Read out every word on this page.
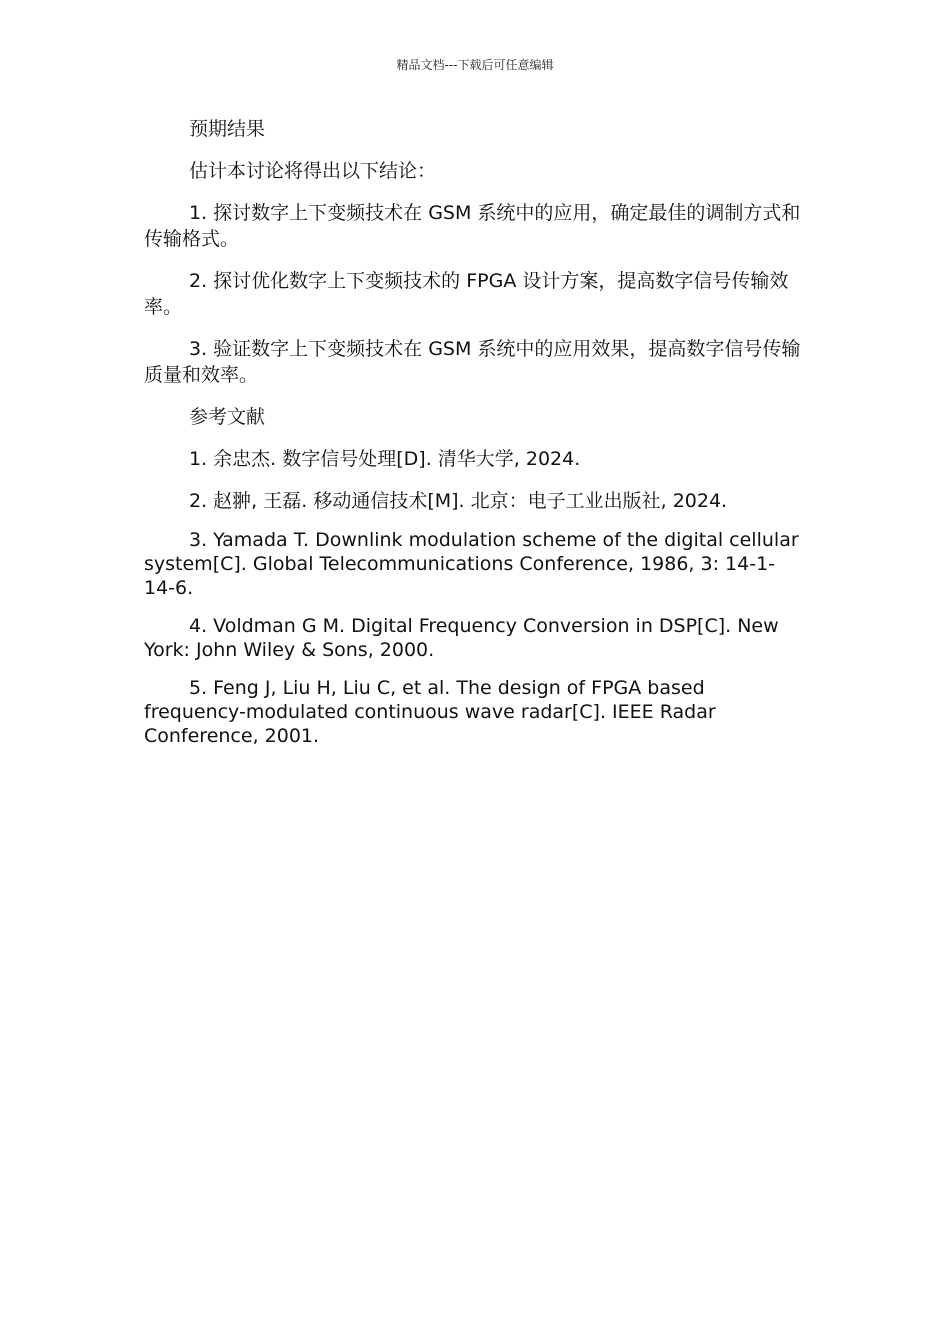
精品文档---下载后可任意编辑

预期结果

估计本讨论将得出以下结论：

1. 探讨数字上下变频技术在 GSM 系统中的应用，确定最佳的调制方式和传输格式。

2. 探讨优化数字上下变频技术的 FPGA 设计方案，提高数字信号传输效率。

3. 验证数字上下变频技术在 GSM 系统中的应用效果，提高数字信号传输质量和效率。

参考文献

1. 余忠杰. 数字信号处理[D]. 清华大学, 2024.

2. 赵翀, 王磊. 移动通信技术[M]. 北京：电子工业出版社, 2024.

3. Yamada T. Downlink modulation scheme of the digital cellular system[C]. Global Telecommunications Conference, 1986, 3: 14-1-14-6.

4. Voldman G M. Digital Frequency Conversion in DSP[C]. New York: John Wiley & Sons, 2000.

5. Feng J, Liu H, Liu C, et al. The design of FPGA based frequency-modulated continuous wave radar[C]. IEEE Radar Conference, 2001.
